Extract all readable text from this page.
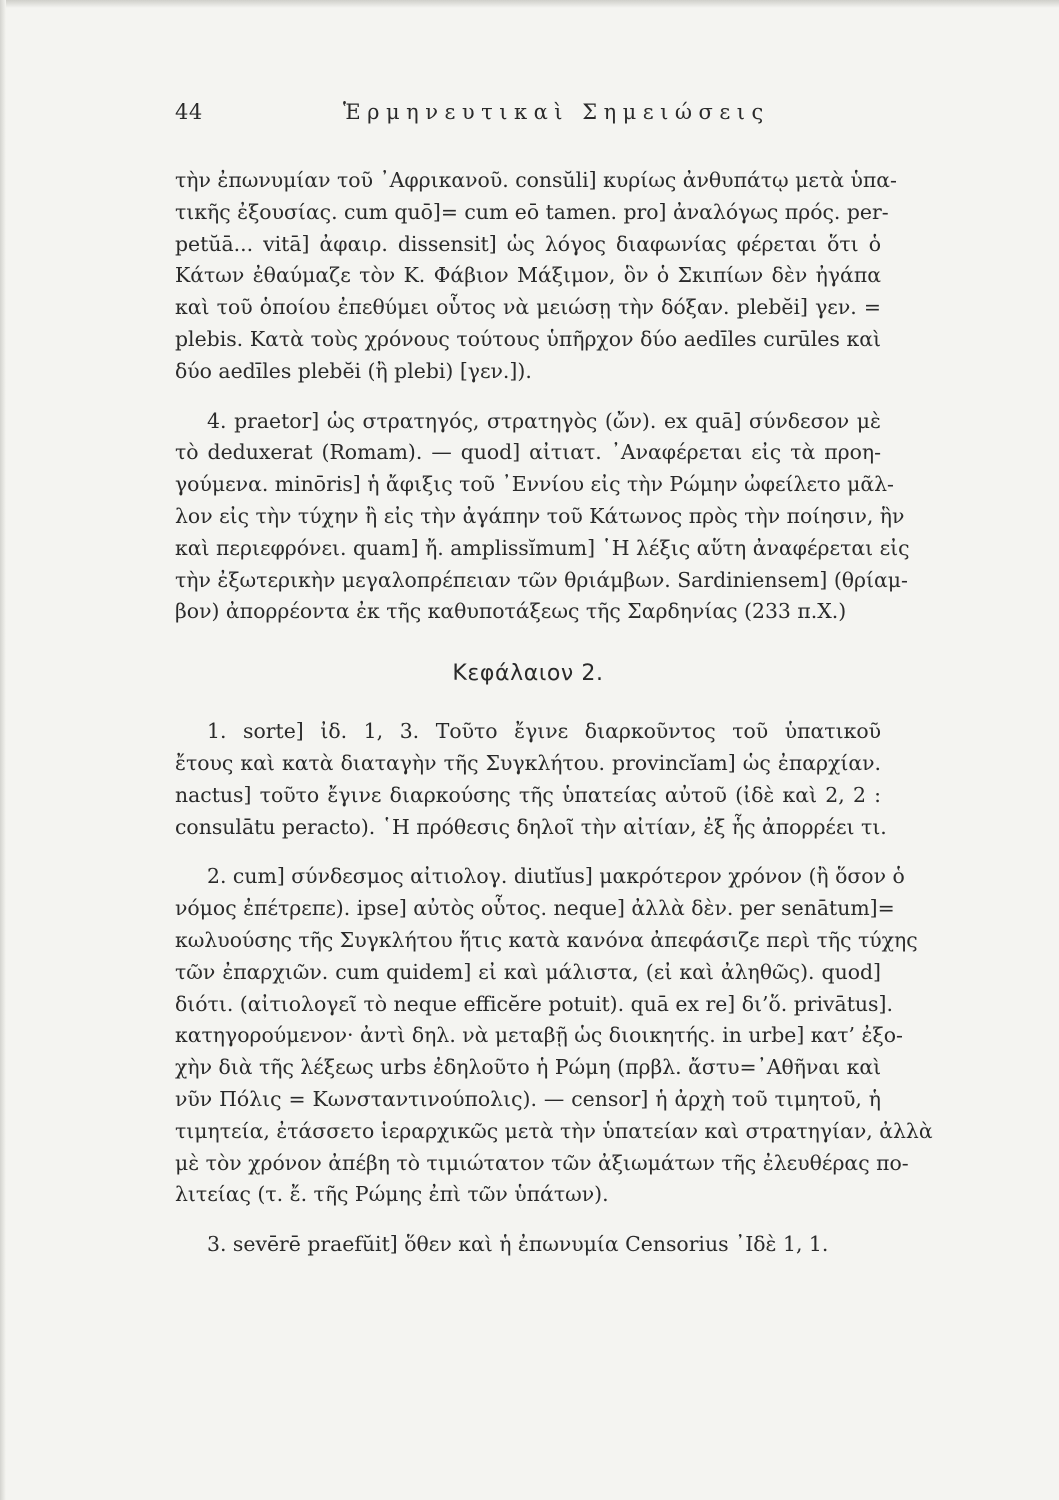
44	Ἑρμηνευτικαὶ Σημειώσεις
τὴν ἐπωνυμίαν τοῦ ᾿Αφρικανοῦ. consŭli] κυρίως ἀνθυπάτῳ μετὰ ὑπα-
τικῆς ἐξουσίας. cum quō]= cum eō tamen. pro] ἀναλόγως πρός. per-
petŭā... vitā] ἀφαιρ. dissensit] ὡς λόγος διαφωνίας φέρεται ὅτι ὁ
Κάτων ἐθαύμαζε τὸν Κ. Φάβιον Μάξιμον, ὃν ὁ Σκιπίων δὲν ἠγάπα
καὶ τοῦ ὁποίου ἐπεθύμει οὗτος νὰ μειώσῃ τὴν δόξαν. plebĕi] γεν. =
plebis. Κατὰ τοὺς χρόνους τούτους ὑπῆρχον δύο aedīles curūles καὶ
δύο aedīles plebĕi (ἢ plebi) [γεν.]).
4. praetor] ὡς στρατηγός, στρατηγὸς (ὤν). ex quā] σύνδεσον μὲ
τὸ deduxerat (Romam). — quod] αἰτιατ. ᾿Αναφέρεται εἰς τὰ προη-
γούμενα. minōris] ἡ ἄφιξις τοῦ ᾿Εννίου εἰς τὴν Ρώμην ὠφείλετο μᾶλ-
λον εἰς τὴν τύχην ἢ εἰς τὴν ἀγάπην τοῦ Κάτωνος πρὸς τὴν ποίησιν, ἣν
καὶ περιεφρόνει. quam] ἤ. amplissĭmum] ῾Η λέξις αὕτη ἀναφέρεται εἰς
τὴν ἐξωτερικὴν μεγαλοπρέπειαν τῶν θριάμβων. Sardiniensem] (θρίαμ-
βον) ἀπορρέοντα ἐκ τῆς καθυποτάξεως τῆς Σαρδηνίας (233 π.Χ.)
Κεφάλαιον 2.
1. sorte] ἰδ. 1, 3. Τοῦτο ἔγινε διαρκοῦντος τοῦ ὑπατικοῦ
ἔτους καὶ κατὰ διαταγὴν τῆς Συγκλήτου. provincĭam] ὡς ἐπαρχίαν.
nactus] τοῦτο ἔγινε διαρκούσης τῆς ὑπατείας αὐτοῦ (ἰδὲ καὶ 2, 2 :
consulātu peracto). ῾Η πρόθεσις δηλοῖ τὴν αἰτίαν, ἐξ ἧς ἀπορρέει τι.
2. cum] σύνδεσμος αἰτιολογ. diutĭus] μακρότερον χρόνον (ἢ ὅσον ὁ
νόμος ἐπέτρεπε). ipse] αὐτὸς οὗτος. neque] ἀλλὰ δὲν. per senātum]=
κωλυούσης τῆς Συγκλήτου ἥτις κατὰ κανόνα ἀπεφάσιζε περὶ τῆς τύχης
τῶν ἐπαρχιῶν. cum quidem] εἰ καὶ μάλιστα, (εἰ καὶ ἀληθῶς). quod]
διότι. (αἰτιολογεῖ τὸ neque efficĕre potuit). quā ex re] δι’ὅ. privātus].
κατηγορούμενον· ἀντὶ δηλ. νὰ μεταβῇ ὡς διοικητής. in urbe] κατ’ ἐξο-
χὴν διὰ τῆς λέξεως urbs ἐδηλοῦτο ἡ Ρώμη (πρβλ. ἄστυ=᾿Αθῆναι καὶ
νῦν Πόλις = Κωνσταντινούπολις). — censor] ἡ ἀρχὴ τοῦ τιμητοῦ, ἡ
τιμητεία, ἐτάσσετο ἱεραρχικῶς μετὰ τὴν ὑπατείαν καὶ στρατηγίαν, ἀλλὰ
μὲ τὸν χρόνον ἀπέβη τὸ τιμιώτατον τῶν ἀξιωμάτων τῆς ἐλευθέρας πο-
λιτείας (τ. ἔ. τῆς Ρώμης ἐπὶ τῶν ὑπάτων).
3. sevērē praefŭit] ὅθεν καὶ ἡ ἐπωνυμία Censorius ᾿Ιδὲ 1, 1.
